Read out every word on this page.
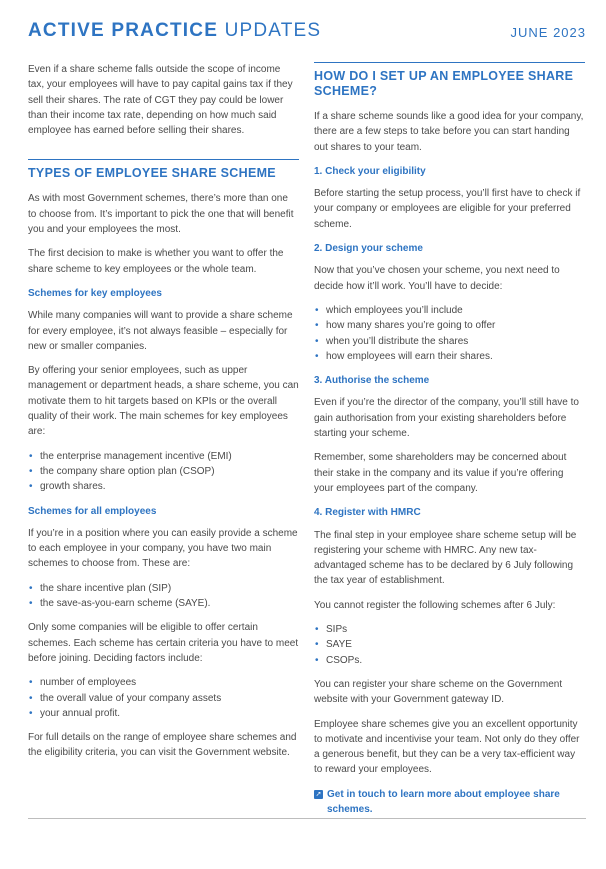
ACTIVE PRACTICE UPDATES	JUNE 2023

Even if a share scheme falls outside the scope of income tax, your employees will have to pay capital gains tax if they sell their shares. The rate of CGT they pay could be lower than their income tax rate, depending on how much said employee has earned before selling their shares.

TYPES OF EMPLOYEE SHARE SCHEME

As with most Government schemes, there’s more than one to choose from. It’s important to pick the one that will benefit you and your employees the most.

The first decision to make is whether you want to offer the share scheme to key employees or the whole team.

Schemes for key employees

While many companies will want to provide a share scheme for every employee, it’s not always feasible – especially for new or smaller companies.

By offering your senior employees, such as upper management or department heads, a share scheme, you can motivate them to hit targets based on KPIs or the overall quality of their work. The main schemes for key employees are:

• the enterprise management incentive (EMI)
• the company share option plan (CSOP)
• growth shares.
Schemes for all employees

If you’re in a position where you can easily provide a scheme to each employee in your company, you have two main schemes to choose from. These are:

• the share incentive plan (SIP)
• the save-as-you-earn scheme (SAYE).

Only some companies will be eligible to offer certain schemes. Each scheme has certain criteria you have to meet before joining. Deciding factors include:

• number of employees
• the overall value of your company assets
• your annual profit.

For full details on the range of employee share schemes and the eligibility criteria, you can visit the Government website.

HOW DO I SET UP AN EMPLOYEE SHARE SCHEME?

If a share scheme sounds like a good idea for your company, there are a few steps to take before you can start handing out shares to your team.

1. Check your eligibility

Before starting the setup process, you’ll first have to check if your company or employees are eligible for your preferred scheme.

2. Design your scheme

Now that you’ve chosen your scheme, you next need to decide how it’ll work. You’ll have to decide:

• which employees you’ll include
• how many shares you’re going to offer
• when you’ll distribute the shares
• how employees will earn their shares.
3. Authorise the scheme

Even if you’re the director of the company, you’ll still have to gain authorisation from your existing shareholders before starting your scheme.

Remember, some shareholders may be concerned about their stake in the company and its value if you’re offering your employees part of the company.

4. Register with HMRC

The final step in your employee share scheme setup will be registering your scheme with HMRC. Any new tax-advantaged scheme has to be declared by 6 July following the tax year of establishment.

You cannot register the following schemes after 6 July:

• SIPs
• SAYE
• CSOPs.

You can register your share scheme on the Government website with your Government gateway ID.

Employee share schemes give you an excellent opportunity to motivate and incentivise your team. Not only do they offer a generous benefit, but they can be a very tax-efficient way to reward your employees.

➚ Get in touch to learn more about employee share schemes.
